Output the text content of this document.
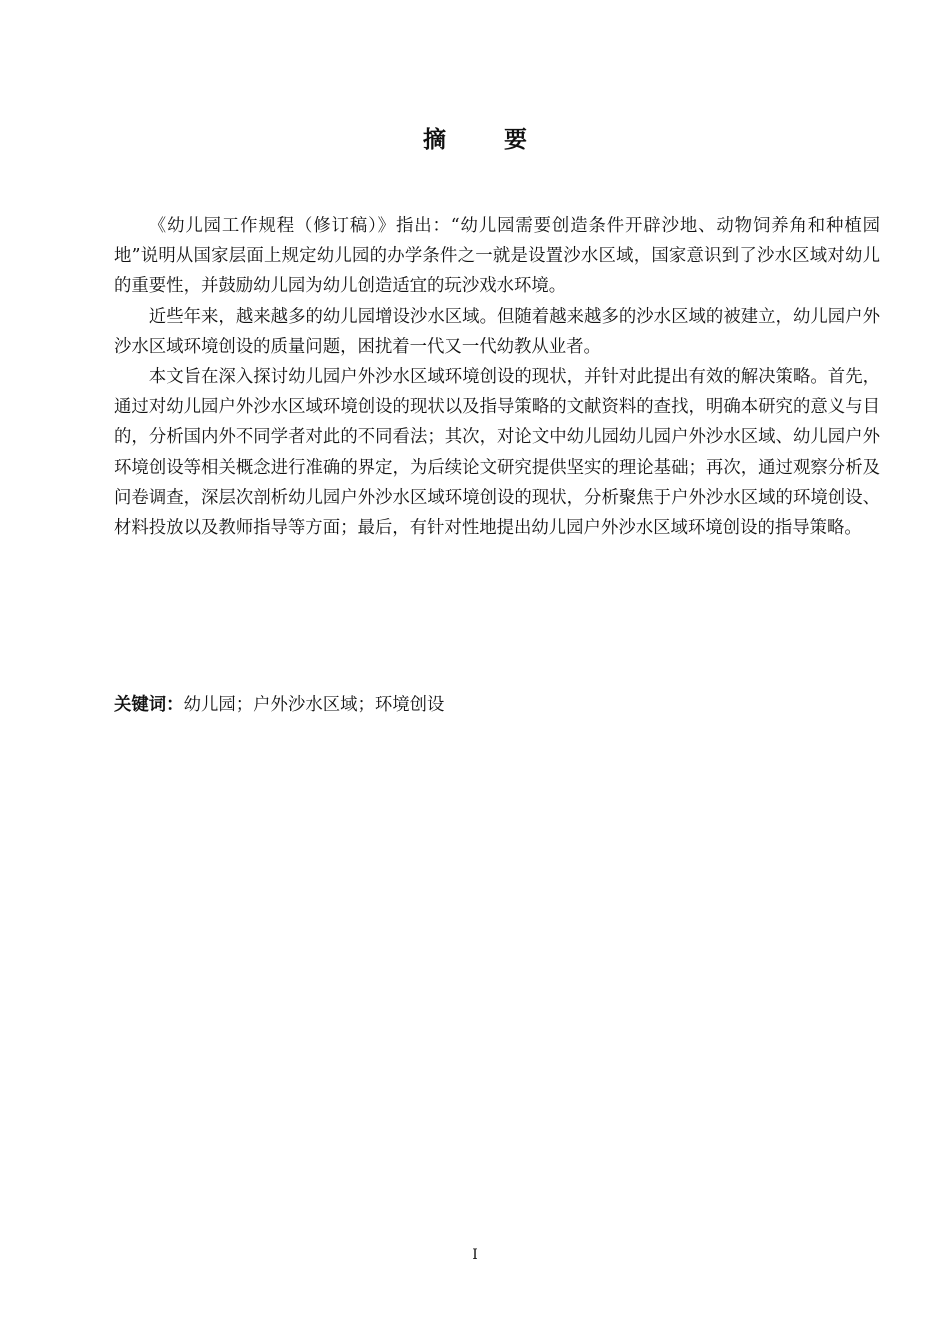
摘 要

《幼儿园工作规程（修订稿）》指出：“幼儿园需要创造条件开辟沙地、动物饲养角和种植园地”说明从国家层面上规定幼儿园的办学条件之一就是设置沙水区域，国家意识到了沙水区域对幼儿的重要性，并鼓励幼儿园为幼儿创造适宜的玩沙戏水环境。

近些年来，越来越多的幼儿园增设沙水区域。但随着越来越多的沙水区域的被建立，幼儿园户外沙水区域环境创设的质量问题，困扰着一代又一代幼教从业者。

本文旨在深入探讨幼儿园户外沙水区域环境创设的现状，并针对此提出有效的解决策略。首先，通过对幼儿园户外沙水区域环境创设的现状以及指导策略的文献资料的查找，明确本研究的意义与目的，分析国内外不同学者对此的不同看法；其次，对论文中幼儿园幼儿园户外沙水区域、幼儿园户外环境创设等相关概念进行准确的界定，为后续论文研究提供坚实的理论基础；再次，通过观察分析及问卷调查，深层次剖析幼儿园户外沙水区域环境创设的现状，分析聚焦于户外沙水区域的环境创设、材料投放以及教师指导等方面；最后，有针对性地提出幼儿园户外沙水区域环境创设的指导策略。

关键词：幼儿园；户外沙水区域；环境创设
I
